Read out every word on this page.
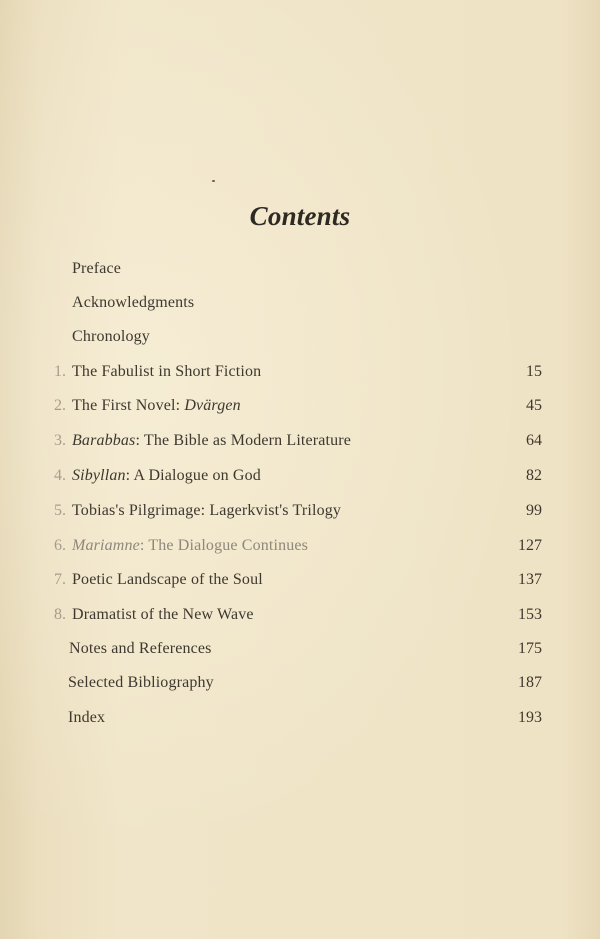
Contents
Preface
Acknowledgments
Chronology
1. The Fabulist in Short Fiction	15
2. The First Novel: Dvärgen	45
3. Barabbas: The Bible as Modern Literature	64
4. Sibyllan: A Dialogue on God	82
5. Tobias's Pilgrimage: Lagerkvist's Trilogy	99
6. Mariamne: The Dialogue Continues	127
7. Poetic Landscape of the Soul	137
8. Dramatist of the New Wave	153
Notes and References	175
Selected Bibliography	187
Index	193
